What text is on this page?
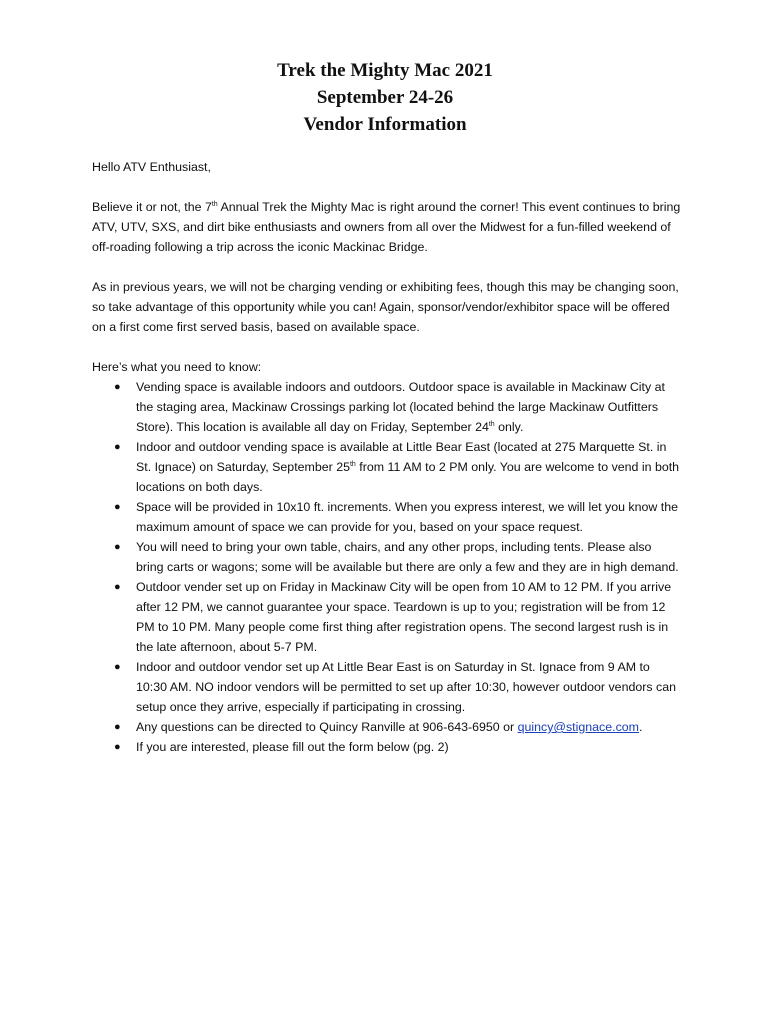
Trek the Mighty Mac 2021
September 24-26
Vendor Information

Hello ATV Enthusiast,

Believe it or not, the 7th Annual Trek the Mighty Mac is right around the corner! This event continues to bring ATV, UTV, SXS, and dirt bike enthusiasts and owners from all over the Midwest for a fun-filled weekend of off-roading following a trip across the iconic Mackinac Bridge.

As in previous years, we will not be charging vending or exhibiting fees, though this may be changing soon, so take advantage of this opportunity while you can! Again, sponsor/vendor/exhibitor space will be offered on a first come first served basis, based on available space.

Here’s what you need to know:

● Vending space is available indoors and outdoors. Outdoor space is available in Mackinaw City at the staging area, Mackinaw Crossings parking lot (located behind the large Mackinaw Outfitters Store). This location is available all day on Friday, September 24th only.
● Indoor and outdoor vending space is available at Little Bear East (located at 275 Marquette St. in St. Ignace) on Saturday, September 25th from 11 AM to 2 PM only. You are welcome to vend in both locations on both days.
● Space will be provided in 10x10 ft. increments. When you express interest, we will let you know the maximum amount of space we can provide for you, based on your space request.
● You will need to bring your own table, chairs, and any other props, including tents. Please also bring carts or wagons; some will be available but there are only a few and they are in high demand.
● Outdoor vender set up on Friday in Mackinaw City will be open from 10 AM to 12 PM. If you arrive after 12 PM, we cannot guarantee your space. Teardown is up to you; registration will be from 12 PM to 10 PM. Many people come first thing after registration opens. The second largest rush is in the late afternoon, about 5-7 PM.
● Indoor and outdoor vendor set up At Little Bear East is on Saturday in St. Ignace from 9 AM to 10:30 AM. NO indoor vendors will be permitted to set up after 10:30, however outdoor vendors can setup once they arrive, especially if participating in crossing.
● Any questions can be directed to Quincy Ranville at 906-643-6950 or quincy@stignace.com.
● If you are interested, please fill out the form below (pg. 2)
